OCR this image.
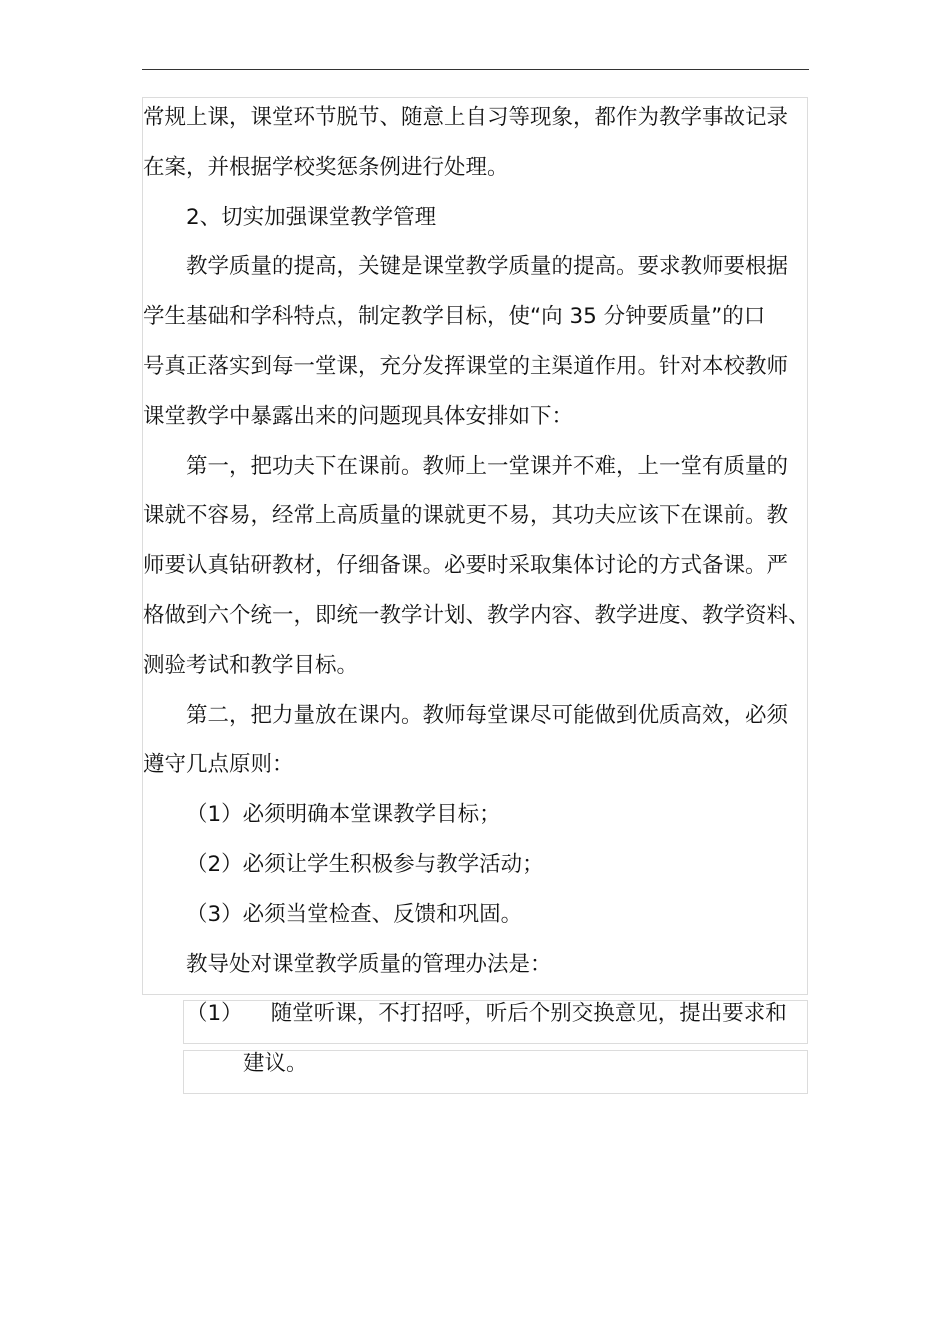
常规上课，课堂环节脱节、随意上自习等现象，都作为教学事故记录
在案，并根据学校奖惩条例进行处理。
2、切实加强课堂教学管理
教学质量的提高，关键是课堂教学质量的提高。要求教师要根据
学生基础和学科特点，制定教学目标，使“向 35 分钟要质量”的口
号真正落实到每一堂课，充分发挥课堂的主渠道作用。针对本校教师
课堂教学中暴露出来的问题现具体安排如下：
第一，把功夫下在课前。教师上一堂课并不难，上一堂有质量的
课就不容易，经常上高质量的课就更不易，其功夫应该下在课前。教
师要认真钻研教材，仔细备课。必要时采取集体讨论的方式备课。严
格做到六个统一，即统一教学计划、教学内容、教学进度、教学资料、
测验考试和教学目标。
第二，把力量放在课内。教师每堂课尽可能做到优质高效，必须
遵守几点原则：
（1）必须明确本堂课教学目标；
（2）必须让学生积极参与教学活动；
（3）必须当堂检查、反馈和巩固。
教导处对课堂教学质量的管理办法是：
（1） 随堂听课，不打招呼，听后个别交换意见，提出要求和
建议。
